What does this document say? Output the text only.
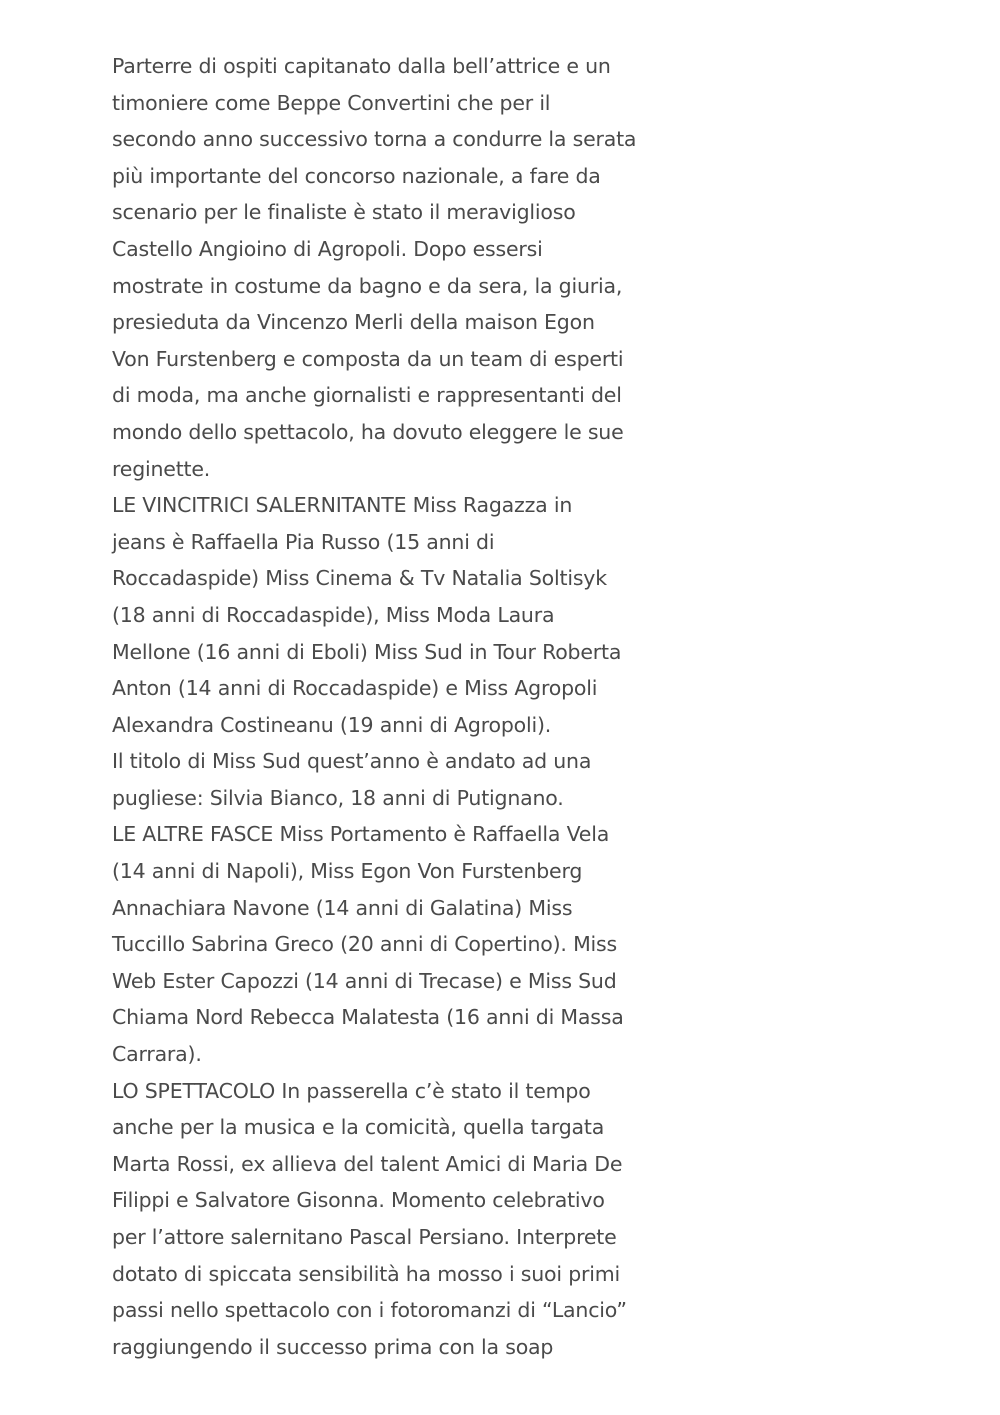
Parterre di ospiti capitanato dalla bell’attrice e un
timoniere come Beppe Convertini che per il
secondo anno successivo torna a condurre la serata
più importante del concorso nazionale, a fare da
scenario per le finaliste è stato il meraviglioso
Castello Angioino di Agropoli. Dopo essersi
mostrate in costume da bagno e da sera, la giuria,
presieduta da Vincenzo Merli della maison Egon
Von Furstenberg e composta da un team di esperti
di moda, ma anche giornalisti e rappresentanti del
mondo dello spettacolo, ha dovuto eleggere le sue
reginette.
LE VINCITRICI SALERNITANTE Miss Ragazza in
jeans è Raffaella Pia Russo (15 anni di
Roccadaspide) Miss Cinema & Tv Natalia Soltisyk
(18 anni di Roccadaspide), Miss Moda Laura
Mellone (16 anni di Eboli) Miss Sud in Tour Roberta
Anton (14 anni di Roccadaspide) e Miss Agropoli
Alexandra Costineanu (19 anni di Agropoli).
Il titolo di Miss Sud quest’anno è andato ad una
pugliese: Silvia Bianco, 18 anni di Putignano.
LE ALTRE FASCE Miss Portamento è Raffaella Vela
(14 anni di Napoli), Miss Egon Von Furstenberg
Annachiara Navone (14 anni di Galatina) Miss
Tuccillo Sabrina Greco (20 anni di Copertino). Miss
Web Ester Capozzi (14 anni di Trecase) e Miss Sud
Chiama Nord Rebecca Malatesta (16 anni di Massa
Carrara).
LO SPETTACOLO In passerella c’è stato il tempo
anche per la musica e la comicità, quella targata
Marta Rossi, ex allieva del talent Amici di Maria De
Filippi e Salvatore Gisonna. Momento celebrativo
per l’attore salernitano Pascal Persiano. Interprete
dotato di spiccata sensibilità ha mosso i suoi primi
passi nello spettacolo con i fotoromanzi di “Lancio”
raggiungendo il successo prima con la soap
